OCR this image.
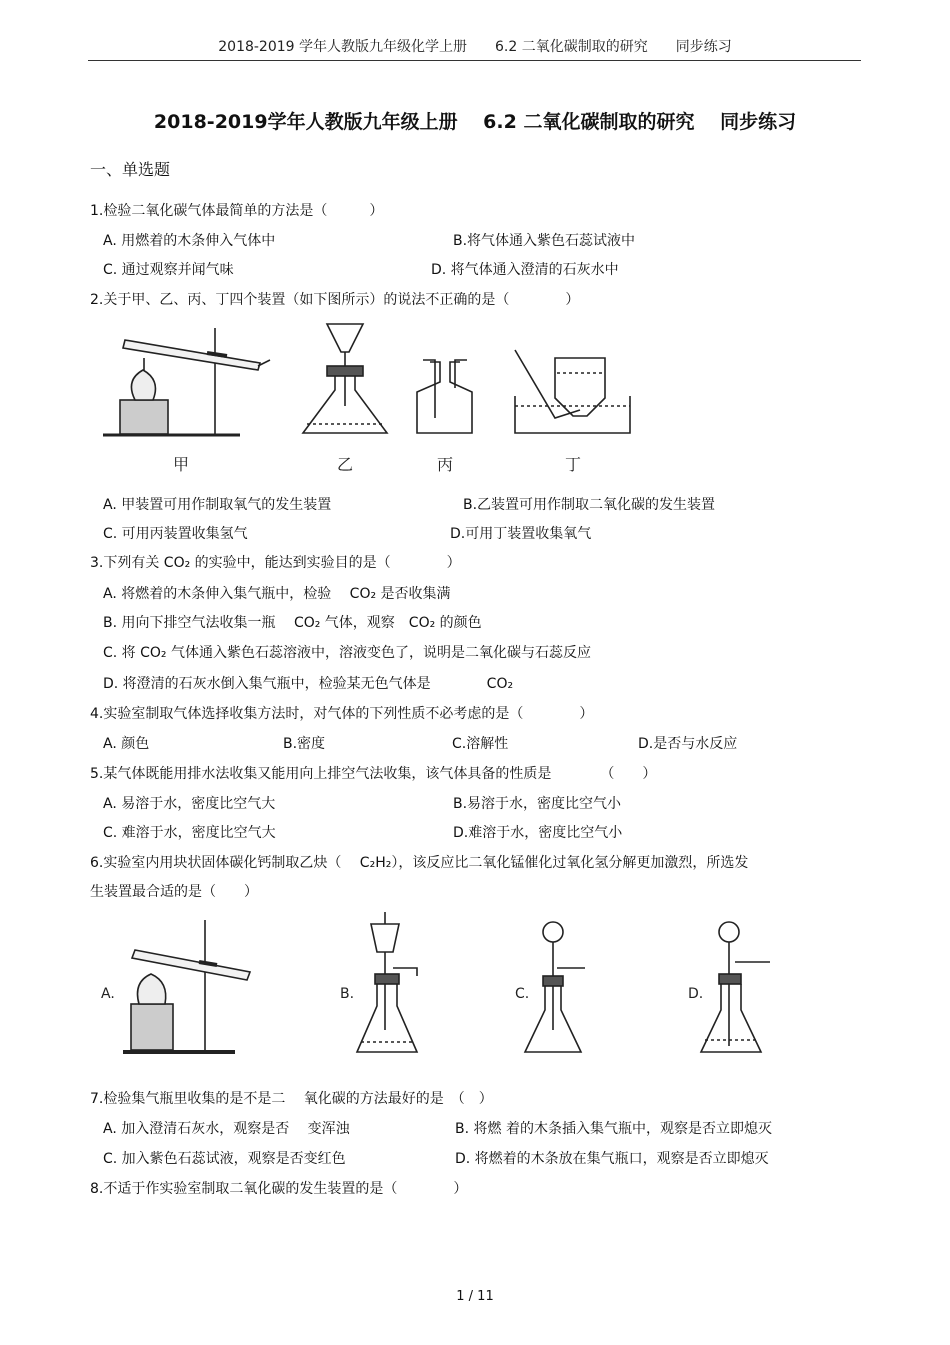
2018-2019 学年人教版九年级化学上册　　6.2 二氧化碳制取的研究　　同步练习
2018-2019学年人教版九年级上册　 6.2 二氧化碳制取的研究　 同步练习
一、单选题
1.检验二氧化碳气体最简单的方法是（　　　）
A. 用燃着的木条伸入气体中	B.将气体通入紫色石蕊试液中
C. 通过观察并闻气味	D. 将气体通入澄清的石灰水中
2.关于甲、乙、丙、丁四个装置（如下图所示）的说法不正确的是（　　　　）
甲	乙	丙	丁
A. 甲装置可用作制取氧气的发生装置	B.乙装置可用作制取二氧化碳的发生装置
C. 可用丙装置收集氢气	D.可用丁装置收集氧气
3.下列有关 CO₂ 的实验中，能达到实验目的是（　　　　）
A. 将燃着的木条伸入集气瓶中，检验　 CO₂ 是否收集满
B. 用向下排空气法收集一瓶　 CO₂ 气体，观察　CO₂ 的颜色
C. 将 CO₂ 气体通入紫色石蕊溶液中，溶液变色了，说明是二氧化碳与石蕊反应
D. 将澄清的石灰水倒入集气瓶中，检验某无色气体是　　　　CO₂
4.实验室制取气体选择收集方法时，对气体的下列性质不必考虑的是（　　　　）
A. 颜色	B.密度	C.溶解性	D.是否与水反应
5.某气体既能用排水法收集又能用向上排空气法收集，该气体具备的性质是　　　　（　　）
A. 易溶于水，密度比空气大	B.易溶于水，密度比空气小
C. 难溶于水，密度比空气大	D.难溶于水，密度比空气小
6.实验室内用块状固体碳化钙制取乙炔（　 C₂H₂），该反应比二氧化锰催化过氧化氢分解更加激烈，所选发
生装置最合适的是（　　）
A.	B.	C.	D.
7.检验集气瓶里收集的是不是二　 氧化碳的方法最好的是　（　）
A. 加入澄清石灰水，观察是否　 变浑浊	B. 将燃 着的木条插入集气瓶中，观察是否立即熄灭
C. 加入紫色石蕊试液，观察是否变红色	D. 将燃着的木条放在集气瓶口，观察是否立即熄灭
8.不适于作实验室制取二氧化碳的发生装置的是（　　　　）
1 / 11
